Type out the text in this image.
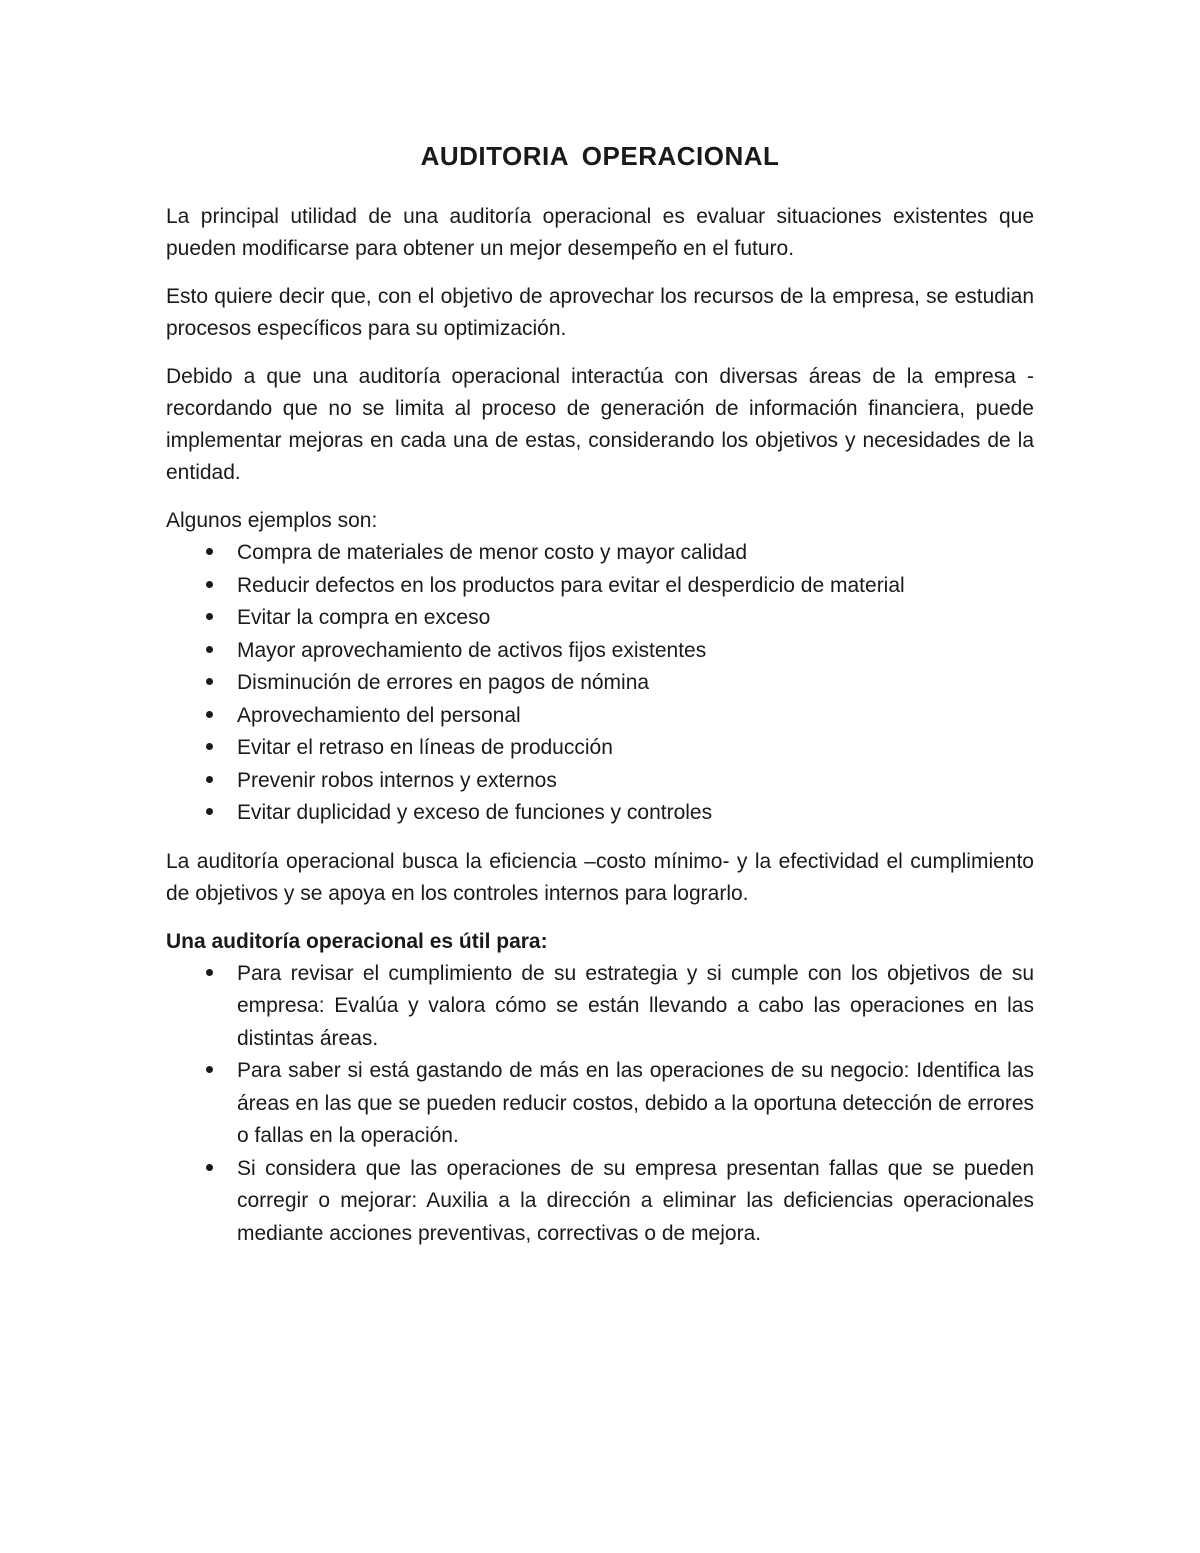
AUDITORIA OPERACIONAL

La principal utilidad de una auditoría operacional es evaluar situaciones existentes que pueden modificarse para obtener un mejor desempeño en el futuro.

Esto quiere decir que, con el objetivo de aprovechar los recursos de la empresa, se estudian procesos específicos para su optimización.

Debido a que una auditoría operacional interactúa con diversas áreas de la empresa -recordando que no se limita al proceso de generación de información financiera, puede implementar mejoras en cada una de estas, considerando los objetivos y necesidades de la entidad.

Algunos ejemplos son:

Compra de materiales de menor costo y mayor calidad
Reducir defectos en los productos para evitar el desperdicio de material
Evitar la compra en exceso
Mayor aprovechamiento de activos fijos existentes
Disminución de errores en pagos de nómina
Aprovechamiento del personal
Evitar el retraso en líneas de producción
Prevenir robos internos y externos
Evitar duplicidad y exceso de funciones y controles

La auditoría operacional busca la eficiencia –costo mínimo- y la efectividad el cumplimiento de objetivos y se apoya en los controles internos para lograrlo.

Una auditoría operacional es útil para:
Para revisar el cumplimiento de su estrategia y si cumple con los objetivos de su empresa: Evalúa y valora cómo se están llevando a cabo las operaciones en las distintas áreas.
Para saber si está gastando de más en las operaciones de su negocio: Identifica las áreas en las que se pueden reducir costos, debido a la oportuna detección de errores o fallas en la operación.
Si considera que las operaciones de su empresa presentan fallas que se pueden corregir o mejorar: Auxilia a la dirección a eliminar las deficiencias operacionales mediante acciones preventivas, correctivas o de mejora.
